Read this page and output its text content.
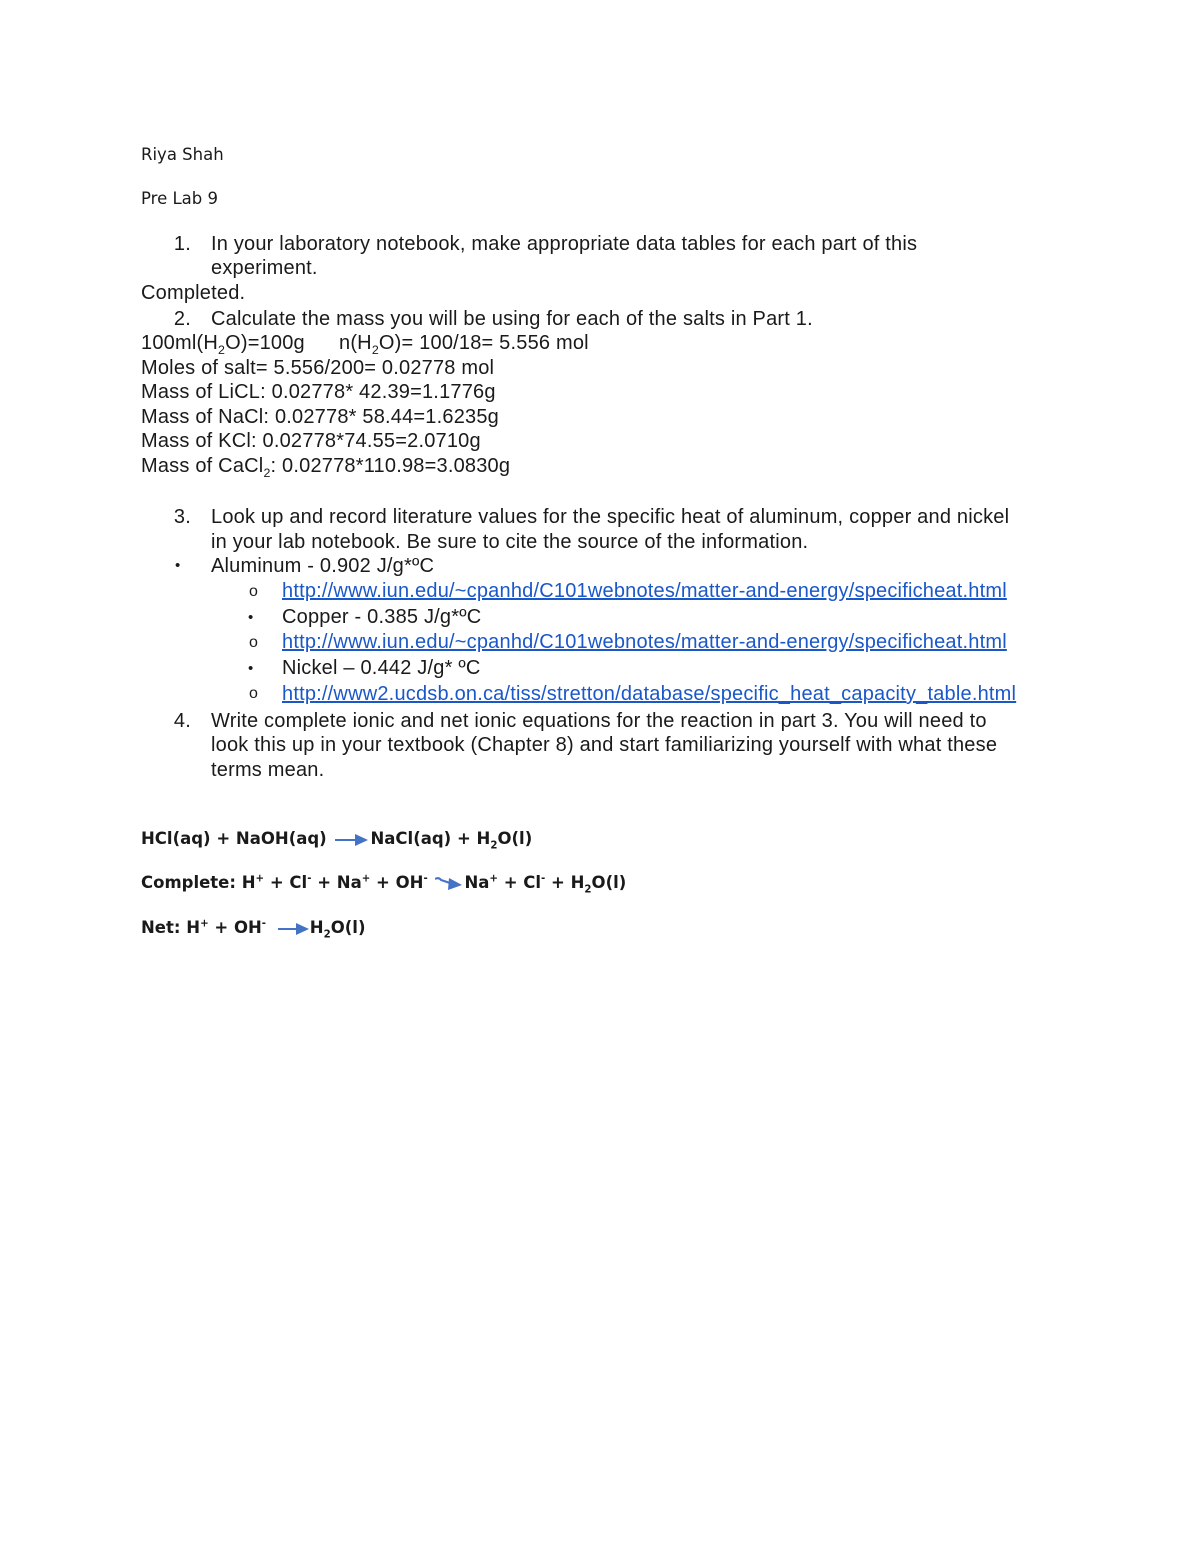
Riya Shah
Pre Lab 9
1. In your laboratory notebook, make appropriate data tables for each part of this
experiment.
Completed.
2. Calculate the mass you will be using for each of the salts in Part 1.
$100ml(H_2O)=100g$ $n(H_2O)= 100/18= 5.556$ mol
Moles of salt= 5.556/200= 0.02778 mol
Mass of LiCL: 0.02778* 42.39=1.1776g
Mass of NaCl: 0.02778* 58.44=1.6235g
Mass of KCl: 0.02778*74.55=2.0710g
Mass of CaCl$_2$: 0.02778*110.98=3.0830g
3. Look up and record literature values for the specific heat of aluminum, copper and nickel
in your lab notebook. Be sure to cite the source of the information.
• Aluminum - 0.902 J/g*ºC
o http://www.iun.edu/~cpanhd/C101webnotes/matter-and-energy/specificheat.html
• Copper - 0.385 J/g*ºC
o http://www.iun.edu/~cpanhd/C101webnotes/matter-and-energy/specificheat.html
• Nickel – 0.442 J/g* ºC
o http://www2.ucdsb.on.ca/tiss/stretton/database/specific_heat_capacity_table.html
4. Write complete ionic and net ionic equations for the reaction in part 3. You will need to
look this up in your textbook (Chapter 8) and start familiarizing yourself with what these
terms mean.
HCl(aq) + NaOH(aq)	NaCl(aq) + $H_2O(l)$
Complete: H+ + Cl- + Na+ + OH- $Na^+ + Cl^- + H_2O(l)$
Net: H+ + OH-	$H_2O(l)$
